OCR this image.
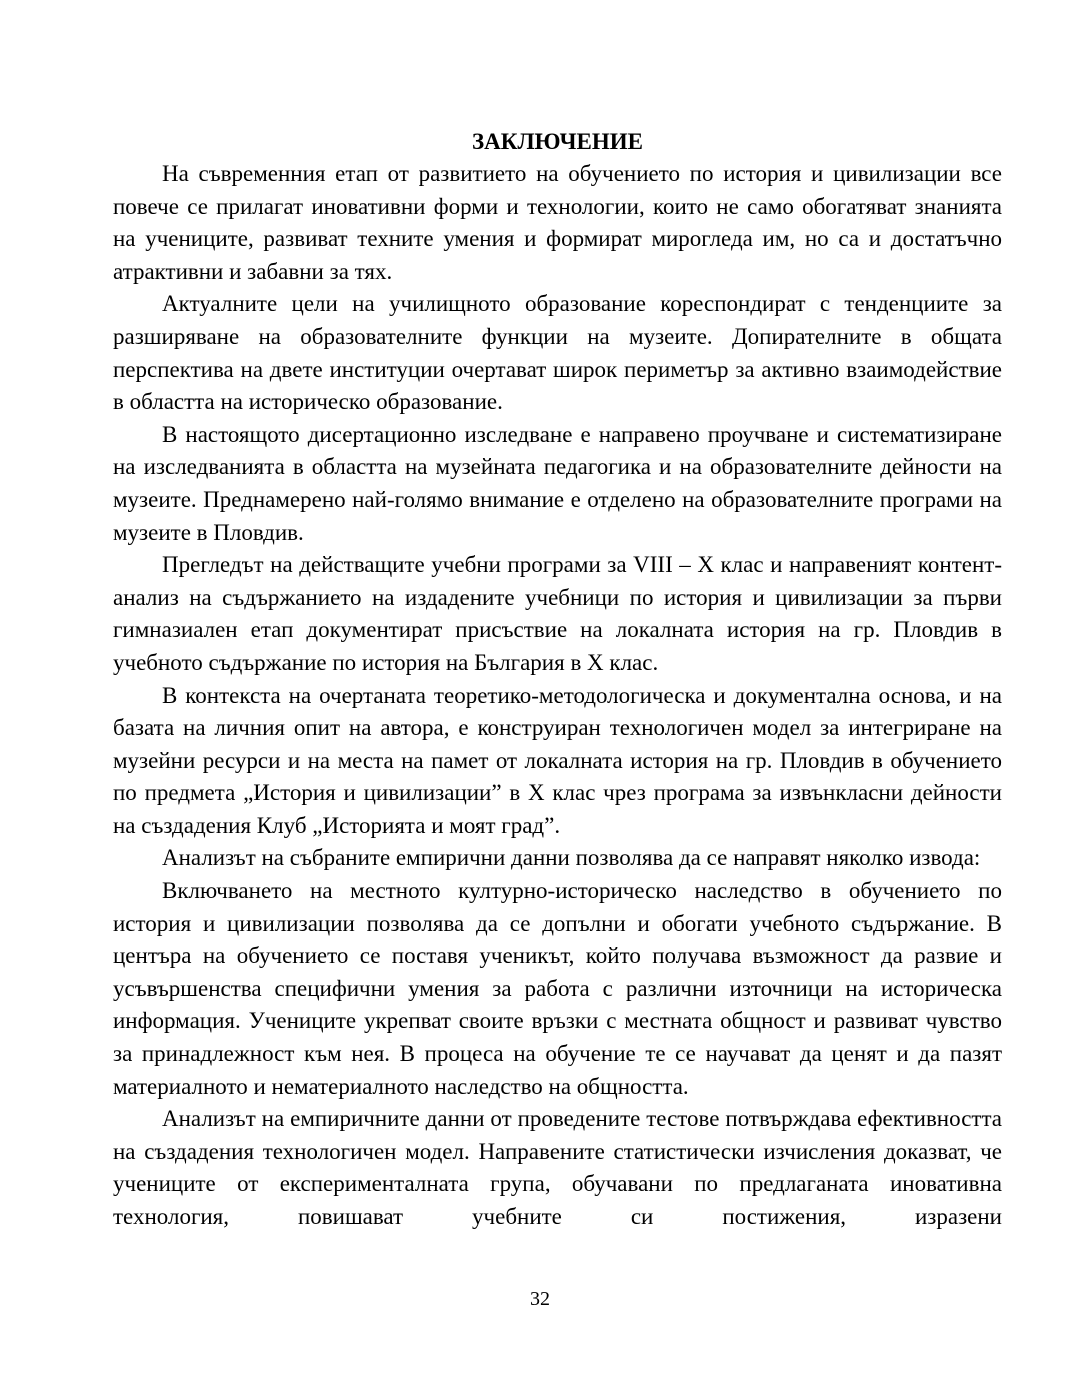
ЗАКЛЮЧЕНИЕ

На съвременния етап от развитието на обучението по история и цивилизации все повече се прилагат иновативни форми и технологии, които не само обогатяват знанията на учениците, развиват техните умения и формират мирогледа им, но са и достатъчно атрактивни и забавни за тях.

Актуалните цели на училищното образование кореспондират с тенденциите за разширяване на образователните функции на музеите. Допирателните в общата перспектива на двете институции очертават широк периметър за активно взаимодействие в областта на историческо образование.

В настоящото дисертационно изследване е направено проучване и систематизиране на изследванията в областта на музейната педагогика и на образователните дейности на музеите. Преднамерено най-голямо внимание е отделено на образователните програми на музеите в Пловдив.

Прегледът на действащите учебни програми за VIII – X клас и направеният контент-анализ на съдържанието на издадените учебници по история и цивилизации за първи гимназиален етап документират присъствие на локалната история на гр. Пловдив в учебното съдържание по история на България в X клас.

В контекста на очертаната теоретико-методологическа и документална основа, и на базата на личния опит на автора, е конструиран технологичен модел за интегриране на музейни ресурси и на места на памет от локалната история на гр. Пловдив в обучението по предмета „История и цивилизации” в X клас чрез програма за извънкласни дейности на създадения Клуб „Историята и моят град”.

Анализът на събраните емпирични данни позволява да се направят няколко извода:

Включването на местното културно-историческо наследство в обучението по история и цивилизации позволява да се допълни и обогати учебното съдържание. В центъра на обучението се поставя ученикът, който получава възможност да развие и усъвършенства специфични умения за работа с различни източници на историческа информация. Учениците укрепват своите връзки с местната общност и развиват чувство за принадлежност към нея. В процеса на обучение те се научават да ценят и да пазят материалното и нематериалното наследство на общността.

Анализът на емпиричните данни от проведените тестове потвърждава ефективността на създадения технологичен модел. Направените статистически изчисления доказват, че учениците от експерименталната група, обучавани по предлаганата иновативна технология, повишават учебните си постижения, изразени

32
